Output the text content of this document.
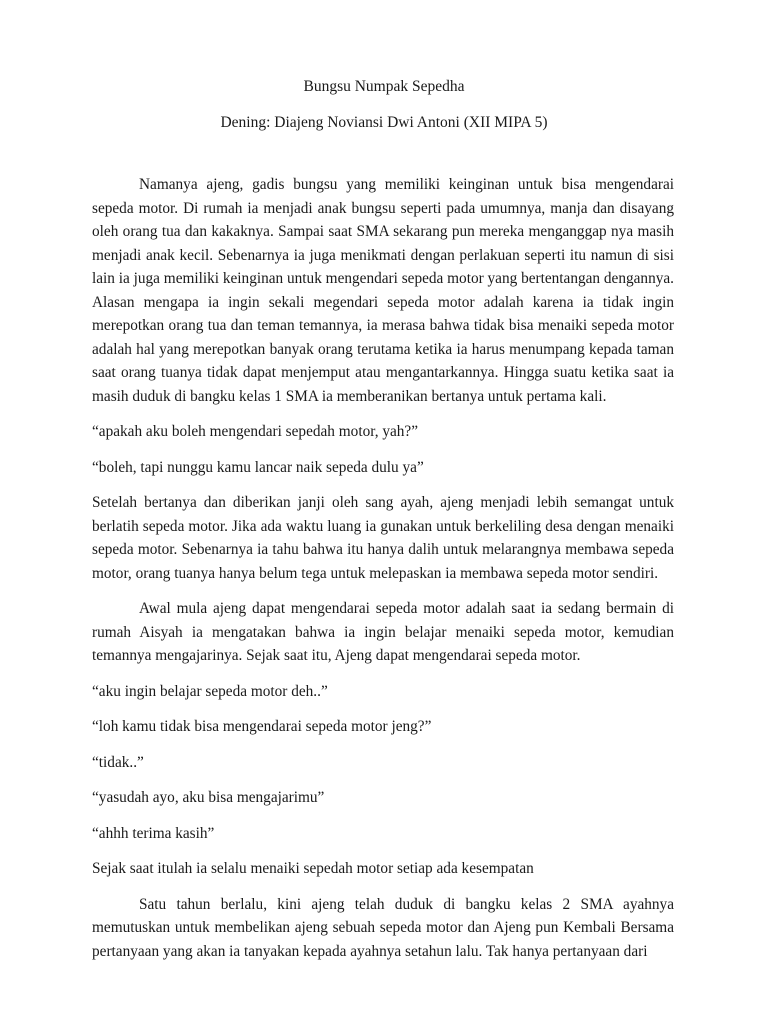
Bungsu Numpak Sepedha
Dening: Diajeng Noviansi Dwi Antoni (XII MIPA 5)

Namanya ajeng, gadis bungsu yang memiliki keinginan untuk bisa mengendarai sepeda motor. Di rumah ia menjadi anak bungsu seperti pada umumnya, manja dan disayang oleh orang tua dan kakaknya. Sampai saat SMA sekarang pun mereka menganggap nya masih menjadi anak kecil. Sebenarnya ia juga menikmati dengan perlakuan seperti itu namun di sisi lain ia juga memiliki keinginan untuk mengendari sepeda motor yang bertentangan dengannya. Alasan mengapa ia ingin sekali megendari sepeda motor adalah karena ia tidak ingin merepotkan orang tua dan teman temannya, ia merasa bahwa tidak bisa menaiki sepeda motor adalah hal yang merepotkan banyak orang terutama ketika ia harus menumpang kepada taman saat orang tuanya tidak dapat menjemput atau mengantarkannya. Hingga suatu ketika saat ia masih duduk di bangku kelas 1 SMA ia memberanikan bertanya untuk pertama kali.

“apakah aku boleh mengendari sepedah motor, yah?”

“boleh, tapi nunggu kamu lancar naik sepeda dulu ya”

Setelah bertanya dan diberikan janji oleh sang ayah, ajeng menjadi lebih semangat untuk berlatih sepeda motor. Jika ada waktu luang ia gunakan untuk berkeliling desa dengan menaiki sepeda motor. Sebenarnya ia tahu bahwa itu hanya dalih untuk melarangnya membawa sepeda motor, orang tuanya hanya belum tega untuk melepaskan ia membawa sepeda motor sendiri.

Awal mula ajeng dapat mengendarai sepeda motor adalah saat ia sedang bermain di rumah Aisyah ia mengatakan bahwa ia ingin belajar menaiki sepeda motor, kemudian temannya mengajarinya. Sejak saat itu, Ajeng dapat mengendarai sepeda motor.

“aku ingin belajar sepeda motor deh..”

“loh kamu tidak bisa mengendarai sepeda motor jeng?”

“tidak..”

“yasudah ayo, aku bisa mengajarimu”

“ahhh terima kasih”

Sejak saat itulah ia selalu menaiki sepedah motor setiap ada kesempatan

Satu tahun berlalu, kini ajeng telah duduk di bangku kelas 2 SMA ayahnya memutuskan untuk membelikan ajeng sebuah sepeda motor dan Ajeng pun Kembali Bersama pertanyaan yang akan ia tanyakan kepada ayahnya setahun lalu. Tak hanya pertanyaan dari
